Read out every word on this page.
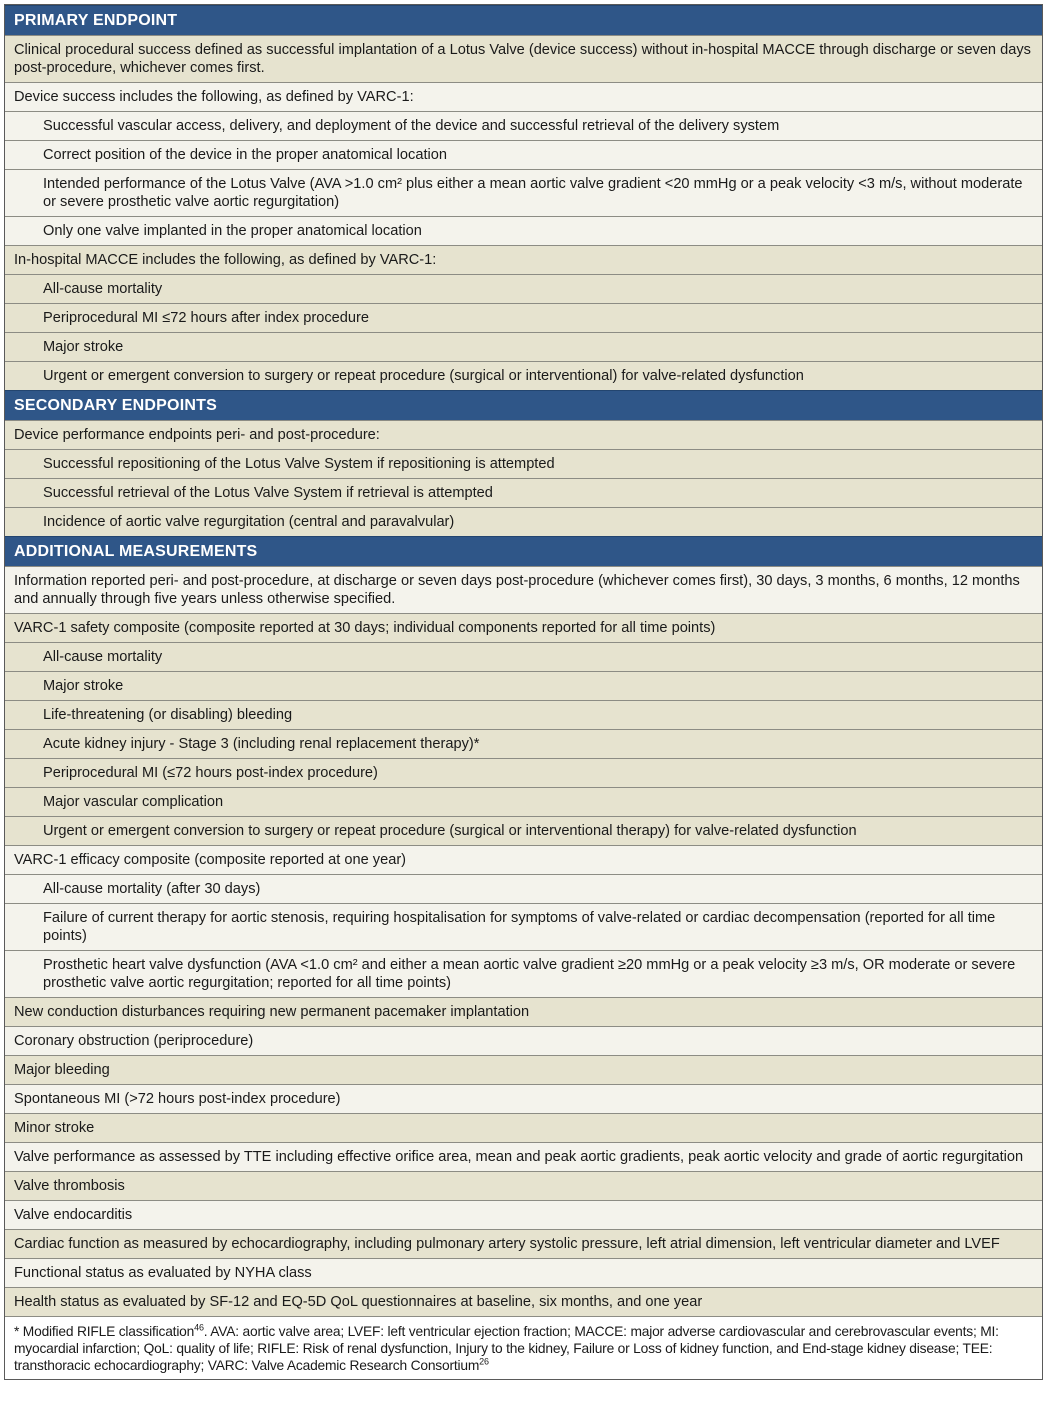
PRIMARY ENDPOINT
Clinical procedural success defined as successful implantation of a Lotus Valve (device success) without in-hospital MACCE through discharge or seven days post-procedure, whichever comes first.
Device success includes the following, as defined by VARC-1:
Successful vascular access, delivery, and deployment of the device and successful retrieval of the delivery system
Correct position of the device in the proper anatomical location
Intended performance of the Lotus Valve (AVA >1.0 cm² plus either a mean aortic valve gradient <20 mmHg or a peak velocity <3 m/s, without moderate or severe prosthetic valve aortic regurgitation)
Only one valve implanted in the proper anatomical location
In-hospital MACCE includes the following, as defined by VARC-1:
All-cause mortality
Periprocedural MI ≤72 hours after index procedure
Major stroke
Urgent or emergent conversion to surgery or repeat procedure (surgical or interventional) for valve-related dysfunction
SECONDARY ENDPOINTS
Device performance endpoints peri- and post-procedure:
Successful repositioning of the Lotus Valve System if repositioning is attempted
Successful retrieval of the Lotus Valve System if retrieval is attempted
Incidence of aortic valve regurgitation (central and paravalvular)
ADDITIONAL MEASUREMENTS
Information reported peri- and post-procedure, at discharge or seven days post-procedure (whichever comes first), 30 days, 3 months, 6 months, 12 months and annually through five years unless otherwise specified.
VARC-1 safety composite (composite reported at 30 days; individual components reported for all time points)
All-cause mortality
Major stroke
Life-threatening (or disabling) bleeding
Acute kidney injury - Stage 3 (including renal replacement therapy)*
Periprocedural MI (≤72 hours post-index procedure)
Major vascular complication
Urgent or emergent conversion to surgery or repeat procedure (surgical or interventional therapy) for valve-related dysfunction
VARC-1 efficacy composite (composite reported at one year)
All-cause mortality (after 30 days)
Failure of current therapy for aortic stenosis, requiring hospitalisation for symptoms of valve-related or cardiac decompensation (reported for all time points)
Prosthetic heart valve dysfunction (AVA <1.0 cm² and either a mean aortic valve gradient ≥20 mmHg or a peak velocity ≥3 m/s, OR moderate or severe prosthetic valve aortic regurgitation; reported for all time points)
New conduction disturbances requiring new permanent pacemaker implantation
Coronary obstruction (periprocedure)
Major bleeding
Spontaneous MI (>72 hours post-index procedure)
Minor stroke
Valve performance as assessed by TTE including effective orifice area, mean and peak aortic gradients, peak aortic velocity and grade of aortic regurgitation
Valve thrombosis
Valve endocarditis
Cardiac function as measured by echocardiography, including pulmonary artery systolic pressure, left atrial dimension, left ventricular diameter and LVEF
Functional status as evaluated by NYHA class
Health status as evaluated by SF-12 and EQ-5D QoL questionnaires at baseline, six months, and one year
* Modified RIFLE classification$^{46}$. AVA: aortic valve area; LVEF: left ventricular ejection fraction; MACCE: major adverse cardiovascular and cerebrovascular events; MI: myocardial infarction; QoL: quality of life; RIFLE: Risk of renal dysfunction, Injury to the kidney, Failure or Loss of kidney function, and End-stage kidney disease; TEE: transthoracic echocardiography; VARC: Valve Academic Research Consortium$^{26}$
